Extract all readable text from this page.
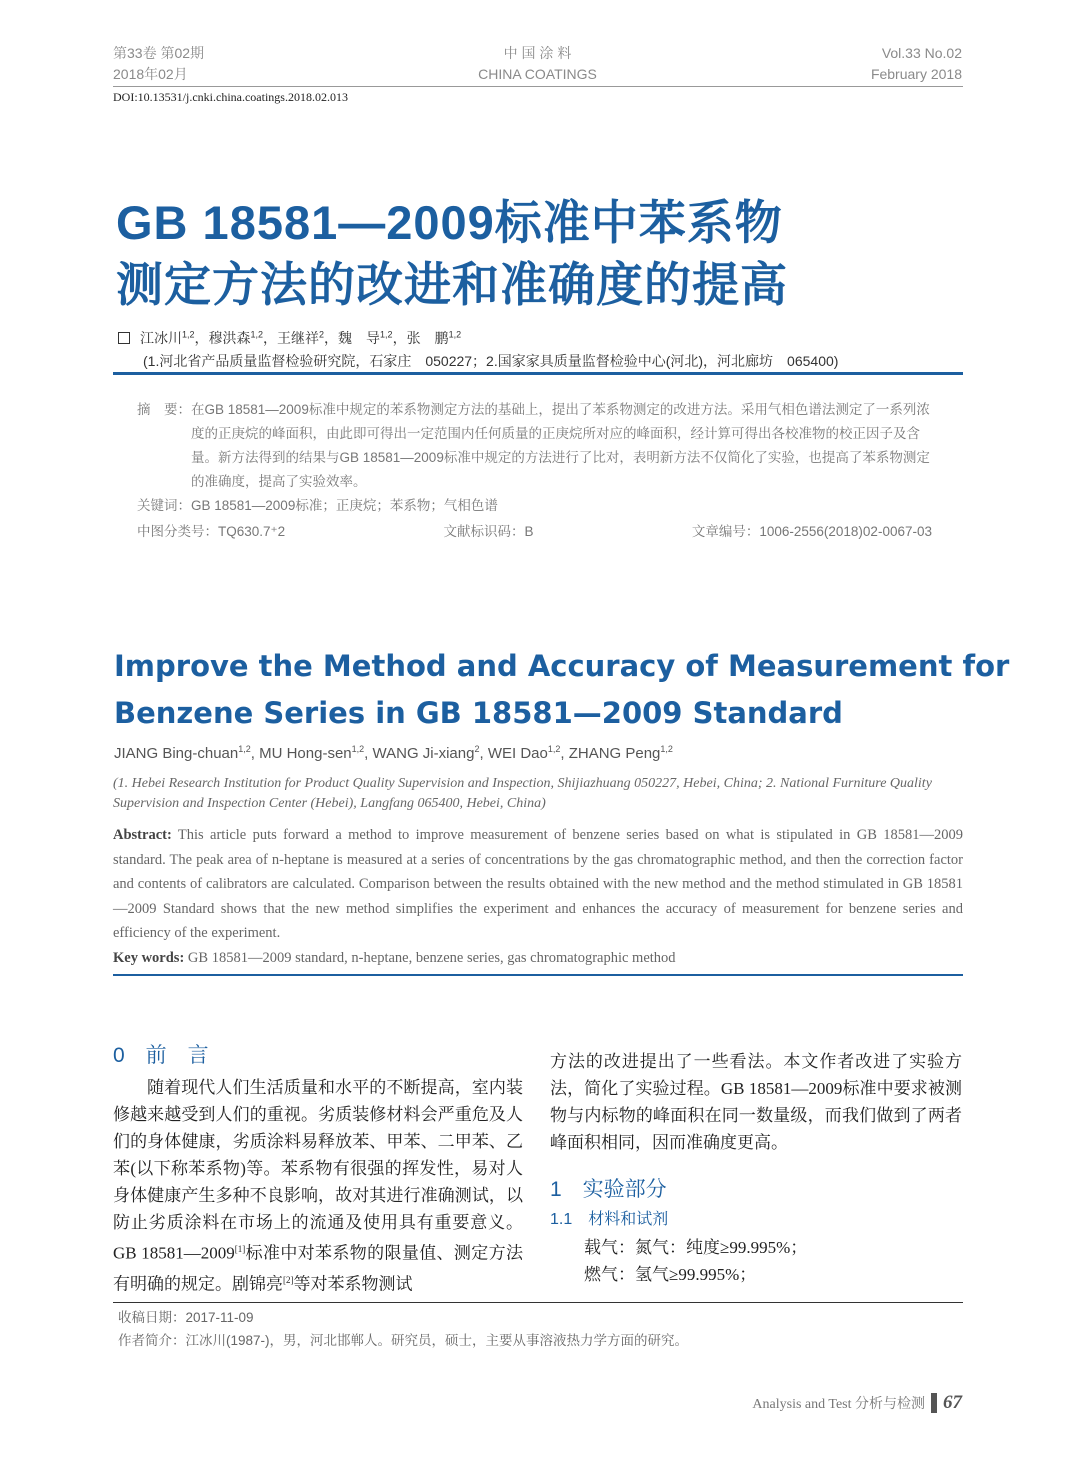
第33卷 第02期
2018年02月
中 国 涂 料
CHINA COATINGS
Vol.33 No.02
February 2018
DOI:10.13531/j.cnki.china.coatings.2018.02.013
GB 18581—2009标准中苯系物
测定方法的改进和准确度的提高
江冰川$^{1,2}$，穆洪森$^{1,2}$，王继祥$^2$，魏　导$^{1,2}$，张　鹏$^{1,2}$
(1.河北省产品质量监督检验研究院，石家庄　050227；2.国家家具质量监督检验中心(河北)，河北廊坊　065400)
摘　要：在GB 18581—2009标准中规定的苯系物测定方法的基础上，提出了苯系物测定的改进方法。采用气相色谱法测定了一系列浓度的正庚烷的峰面积，由此即可得出一定范围内任何质量的正庚烷所对应的峰面积，经计算可得出各校准物的校正因子及含量。新方法得到的结果与GB 18581—2009标准中规定的方法进行了比对，表明新方法不仅简化了实验，也提高了苯系物测定的准确度，提高了实验效率。
关键词：GB 18581—2009标准；正庚烷；苯系物；气相色谱
中图分类号：TQ630.7⁺2	文献标识码：B	文章编号：1006-2556(2018)02-0067-03
Improve the Method and Accuracy of Measurement for
Benzene Series in GB 18581—2009 Standard
JIANG Bing-chuan$^{1,2}$, MU Hong-sen$^{1,2}$, WANG Ji-xiang$^2$, WEI Dao$^{1,2}$, ZHANG Peng$^{1,2}$
(1. Hebei Research Institution for Product Quality Supervision and Inspection, Shijiazhuang 050227, Hebei, China; 2. National Furniture Quality Supervision and Inspection Center (Hebei), Langfang 065400, Hebei, China)
Abstract: This article puts forward a method to improve measurement of benzene series based on what is stipulated in GB 18581—2009 standard. The peak area of n-heptane is measured at a series of concentrations by the gas chromatographic method, and then the correction factor and contents of calibrators are calculated. Comparison between the results obtained with the new method and the method stimulated in GB 18581—2009 Standard shows that the new method simplifies the experiment and enhances the accuracy of measurement for benzene series and efficiency of the experiment.
Key words: GB 18581—2009 standard, n-heptane, benzene series, gas chromatographic method
0　前　言
随着现代人们生活质量和水平的不断提高，室内装修越来越受到人们的重视。劣质装修材料会严重危及人们的身体健康，劣质涂料易释放苯、甲苯、二甲苯、乙苯(以下称苯系物)等。苯系物有很强的挥发性，易对人身体健康产生多种不良影响，故对其进行准确测试，以防止劣质涂料在市场上的流通及使用具有重要意义。GB 18581—2009[1]标准中对苯系物的限量值、测定方法有明确的规定。剧锦亮[2]等对苯系物测试
方法的改进提出了一些看法。本文作者改进了实验方法，简化了实验过程。GB 18581—2009标准中要求被测物与内标物的峰面积在同一数量级，而我们做到了两者峰面积相同，因而准确度更高。
1　实验部分
1.1　材料和试剂
载气：氮气：纯度≥99.995%；
燃气：氢气≥99.995%；
收稿日期：2017-11-09
作者简介：江冰川(1987-)，男，河北邯郸人。研究员，硕士，主要从事溶液热力学方面的研究。
Analysis and Test 分析与检测 67
